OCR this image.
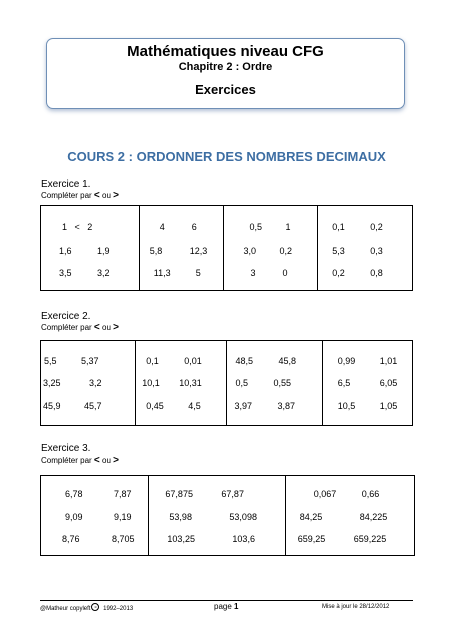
Mathématiques niveau CFG
Chapitre 2 : Ordre
Exercices
COURS 2 : ORDONNER DES NOMBRES DECIMAUX
Exercice 1.
Compléter par < ou >
1   <   2
1,6	1,9
3,5	3,2
4	6
5,8	12,3
11,3	5
0,5	1
3,0	0,2
3	0
0,1	0,2
5,3	0,3
0,2	0,8
Exercice 2.
Compléter par < ou >
5,5	5,37
3,25	3,2
45,9	45,7
0,1	0,01
10,1 10,31
0,45	4,5
48,5	45,8
0,5	0,55
3,97	3,87
0,99	1,01
6,5	6,05
10,5	1,05
Exercice 3.
Compléter par < ou >
6,78	7,87
9,09	9,19
8,76	8,705
67,875	67,87
53,98	53,098
103,25	103,6
0,067	0,66
84,25	84,225
659,25	659,225
@Matheur copyleft ↄ 1992–2013	page 1	Mise à jour le 28/12/2012
